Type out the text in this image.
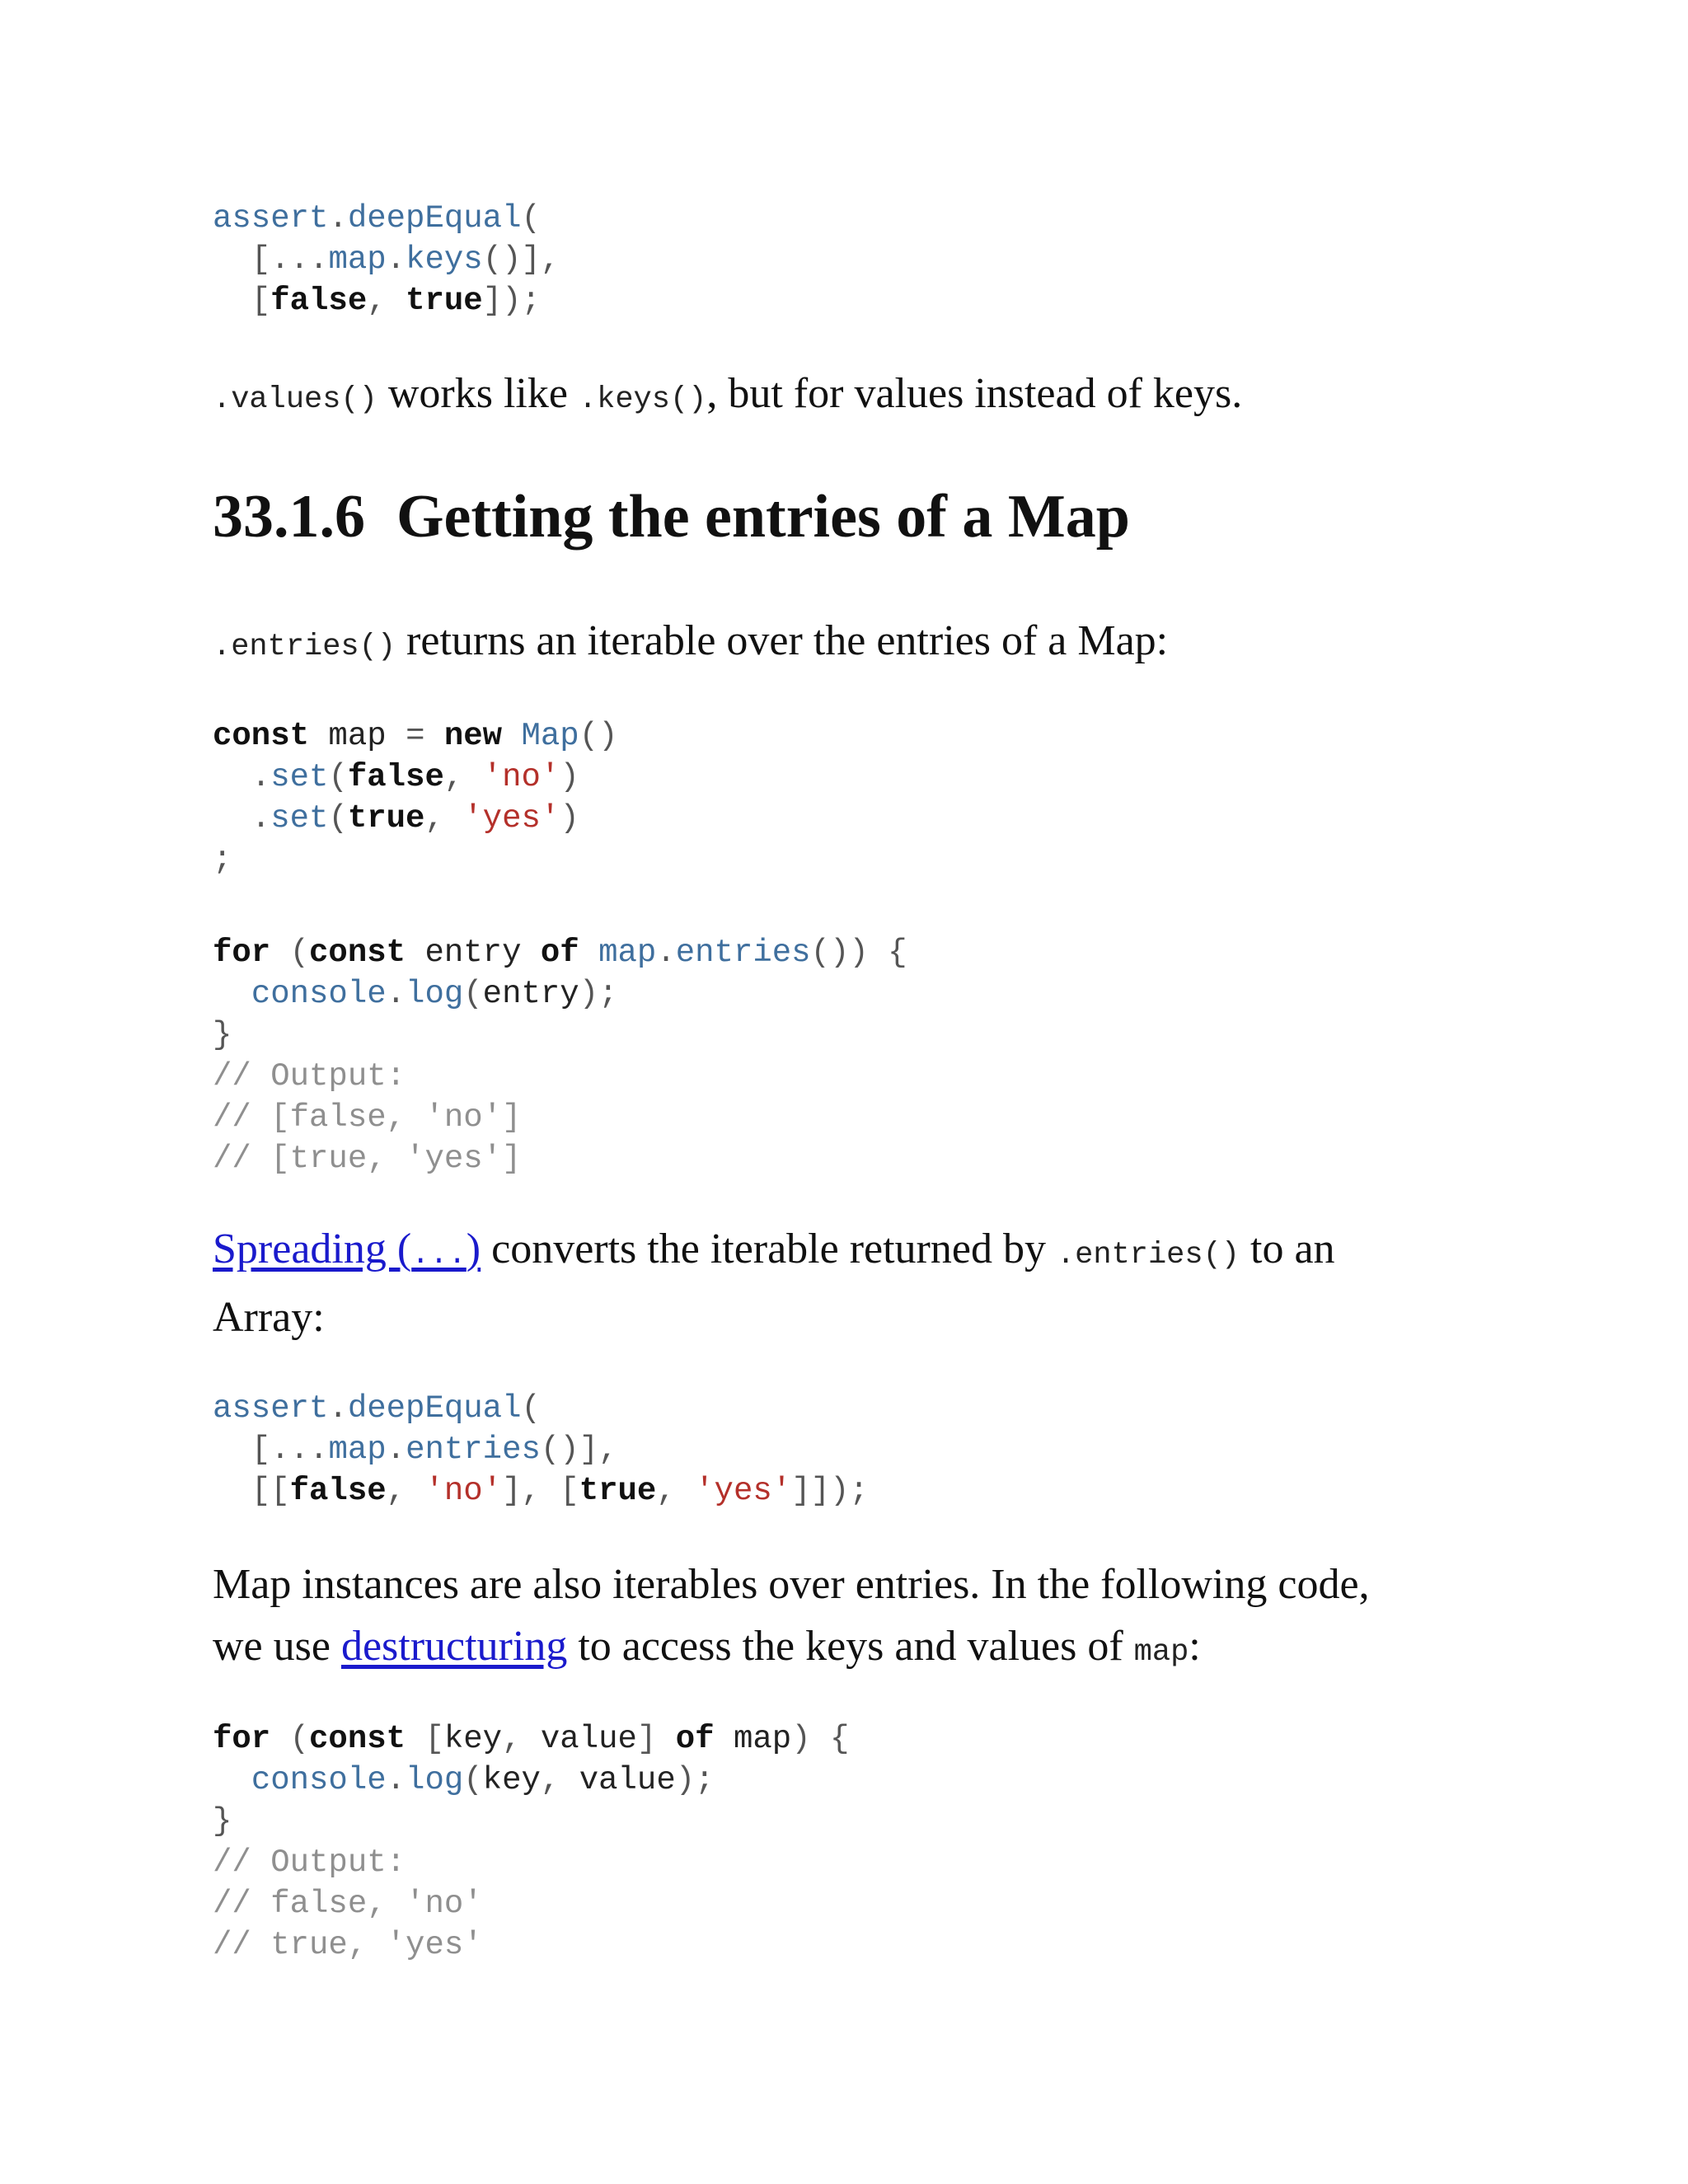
assert.deepEqual(
[...map.keys()],
[false, true]);

.values() works like .keys(), but for values instead of keys.

33.1.6 Getting the entries of a Map

.entries() returns an iterable over the entries of a Map:

const map = new Map()
.set(false, 'no')
.set(true, 'yes')
;
for (const entry of map.entries()) {
console.log(entry);
}
// Output:
// [false, 'no']
// [true, 'yes']

Spreading (...) converts the iterable returned by .entries() to an
Array:

assert.deepEqual(
[...map.entries()],
[[false, 'no'], [true, 'yes']]);

Map instances are also iterables over entries. In the following code,
we use destructuring to access the keys and values of map:

for (const [key, value] of map) {
console.log(key, value);
}
// Output:
// false, 'no'
// true, 'yes'
